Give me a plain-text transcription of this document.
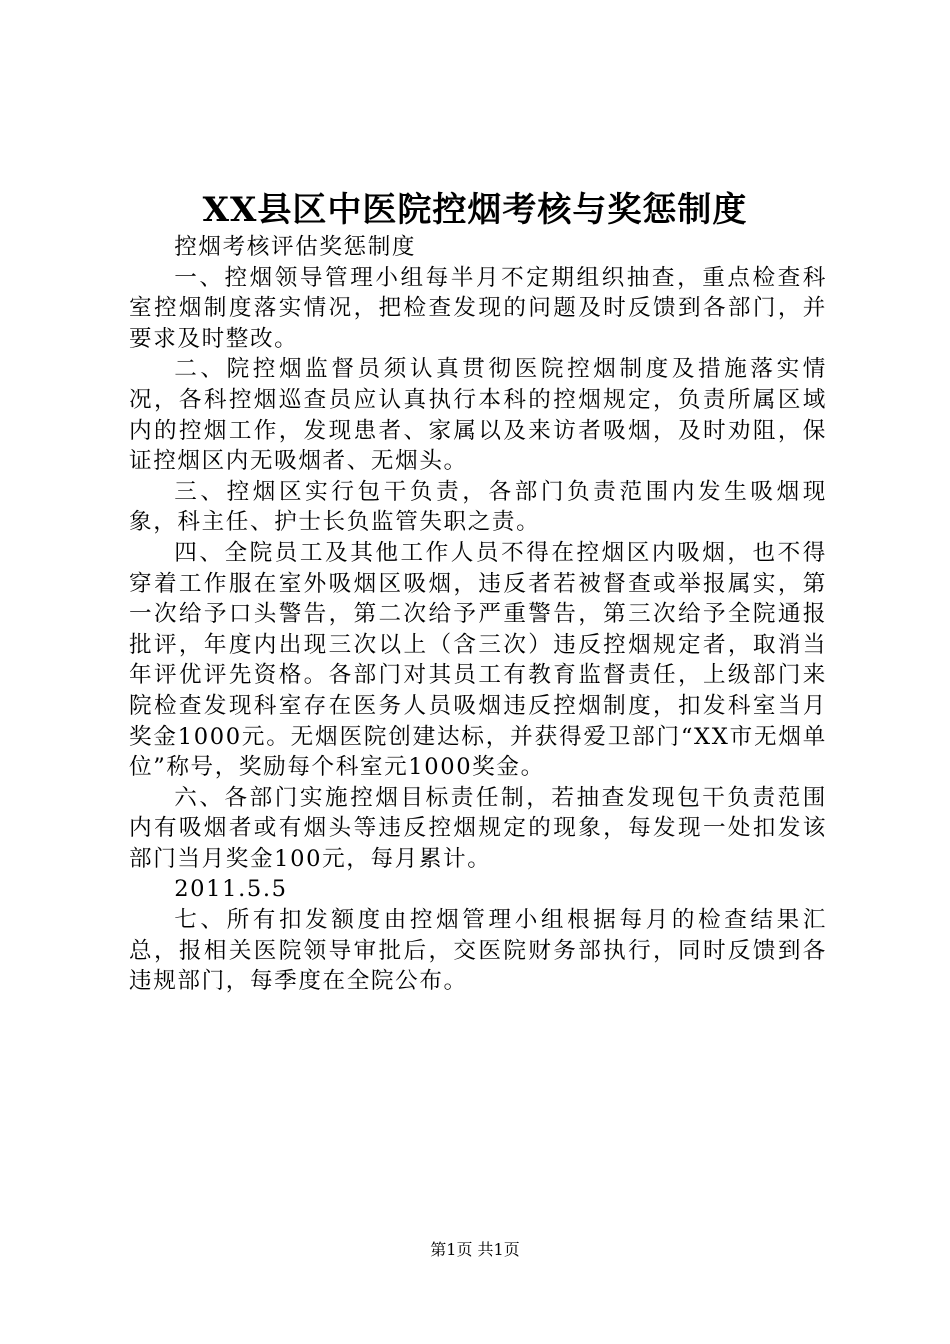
XX县区中医院控烟考核与奖惩制度

控烟考核评估奖惩制度

一、控烟领导管理小组每半月不定期组织抽查，重点检查科室控烟制度落实情况，把检查发现的问题及时反馈到各部门，并要求及时整改。

二、院控烟监督员须认真贯彻医院控烟制度及措施落实情况，各科控烟巡查员应认真执行本科的控烟规定，负责所属区域内的控烟工作，发现患者、家属以及来访者吸烟，及时劝阻，保证控烟区内无吸烟者、无烟头。

三、控烟区实行包干负责，各部门负责范围内发生吸烟现象，科主任、护士长负监管失职之责。

四、全院员工及其他工作人员不得在控烟区内吸烟，也不得穿着工作服在室外吸烟区吸烟，违反者若被督查或举报属实，第一次给予口头警告，第二次给予严重警告，第三次给予全院通报批评，年度内出现三次以上（含三次）违反控烟规定者，取消当年评优评先资格。各部门对其员工有教育监督责任，上级部门来院检查发现科室存在医务人员吸烟违反控烟制度，扣发科室当月奖金1000元。无烟医院创建达标，并获得爱卫部门“XX市无烟单位”称号，奖励每个科室元1000奖金。

六、各部门实施控烟目标责任制，若抽查发现包干负责范围内有吸烟者或有烟头等违反控烟规定的现象，每发现一处扣发该部门当月奖金100元，每月累计。

2011.5.5

七、所有扣发额度由控烟管理小组根据每月的检查结果汇总，报相关医院领导审批后，交医院财务部执行，同时反馈到各违规部门，每季度在全院公布。

第1页 共1页
